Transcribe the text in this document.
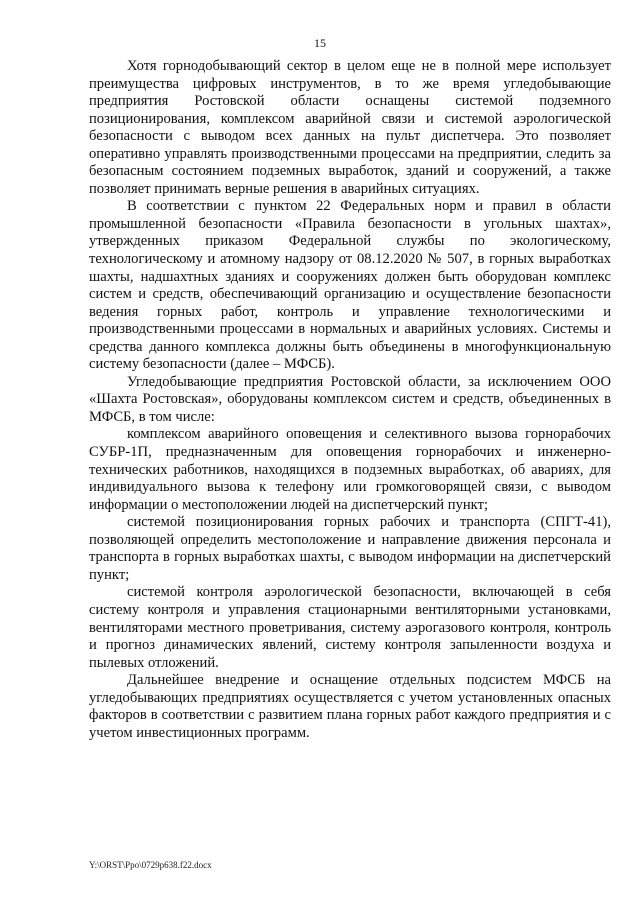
15

Хотя горнодобывающий сектор в целом еще не в полной мере использует преимущества цифровых инструментов, в то же время угледобывающие предприятия Ростовской области оснащены системой подземного позиционирования, комплексом аварийной связи и системой аэрологической безопасности с выводом всех данных на пульт диспетчера. Это позволяет оперативно управлять производственными процессами на предприятии, следить за безопасным состоянием подземных выработок, зданий и сооружений, а также позволяет принимать верные решения в аварийных ситуациях.

В соответствии с пунктом 22 Федеральных норм и правил в области промышленной безопасности «Правила безопасности в угольных шахтах», утвержденных приказом Федеральной службы по экологическому, технологическому и атомному надзору от 08.12.2020 № 507, в горных выработках шахты, надшахтных зданиях и сооружениях должен быть оборудован комплекс систем и средств, обеспечивающий организацию и осуществление безопасности ведения горных работ, контроль и управление технологическими и производственными процессами в нормальных и аварийных условиях. Системы и средства данного комплекса должны быть объединены в многофункциональную систему безопасности (далее – МФСБ).

Угледобывающие предприятия Ростовской области, за исключением ООО «Шахта Ростовская», оборудованы комплексом систем и средств, объединенных в МФСБ, в том числе:

комплексом аварийного оповещения и селективного вызова горнорабочих СУБР-1П, предназначенным для оповещения горнорабочих и инженерно-технических работников, находящихся в подземных выработках, об авариях, для индивидуального вызова к телефону или громкоговорящей связи, с выводом информации о местоположении людей на диспетчерский пункт;

системой позиционирования горных рабочих и транспорта (СПГТ-41), позволяющей определить местоположение и направление движения персонала и транспорта в горных выработках шахты, с выводом информации на диспетчерский пункт;

системой контроля аэрологической безопасности, включающей в себя систему контроля и управления стационарными вентиляторными установками, вентиляторами местного проветривания, систему аэрогазового контроля, контроль и прогноз динамических явлений, систему контроля запыленности воздуха и пылевых отложений.

Дальнейшее внедрение и оснащение отдельных подсистем МФСБ на угледобывающих предприятиях осуществляется с учетом установленных опасных факторов в соответствии с развитием плана горных работ каждого предприятия и с учетом инвестиционных программ.

Y:\ORST\Ppo\0729p638.f22.docx
